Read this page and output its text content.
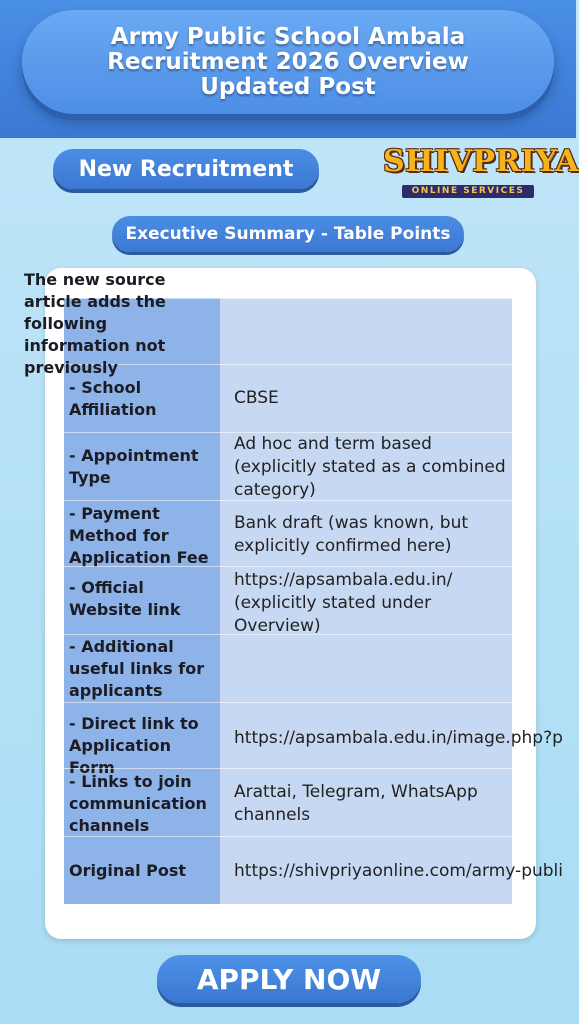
Army Public School Ambala
Recruitment 2026 Overview
Updated Post
New Recruitment	SHIVPRIYA
ONLINE SERVICES
Executive Summary - Table Points
- School Affiliation
CBSE
- Appointment Type
Ad hoc and term based (explicitly stated as a combined category)
- Payment Method for Application Fee
Bank draft (was known, but explicitly confirmed here)
- Official Website link
https://apsambala.edu.in/ (explicitly stated under Overview)
- Additional useful links for applicants
- Direct link to Application Form
https://apsambala.edu.in/image.php?p
- Links to join communication channels
Arattai, Telegram, WhatsApp channels
Original Post	https://shivpriyaonline.com/army-publi
The new source article adds the following information not previously
APPLY NOW
